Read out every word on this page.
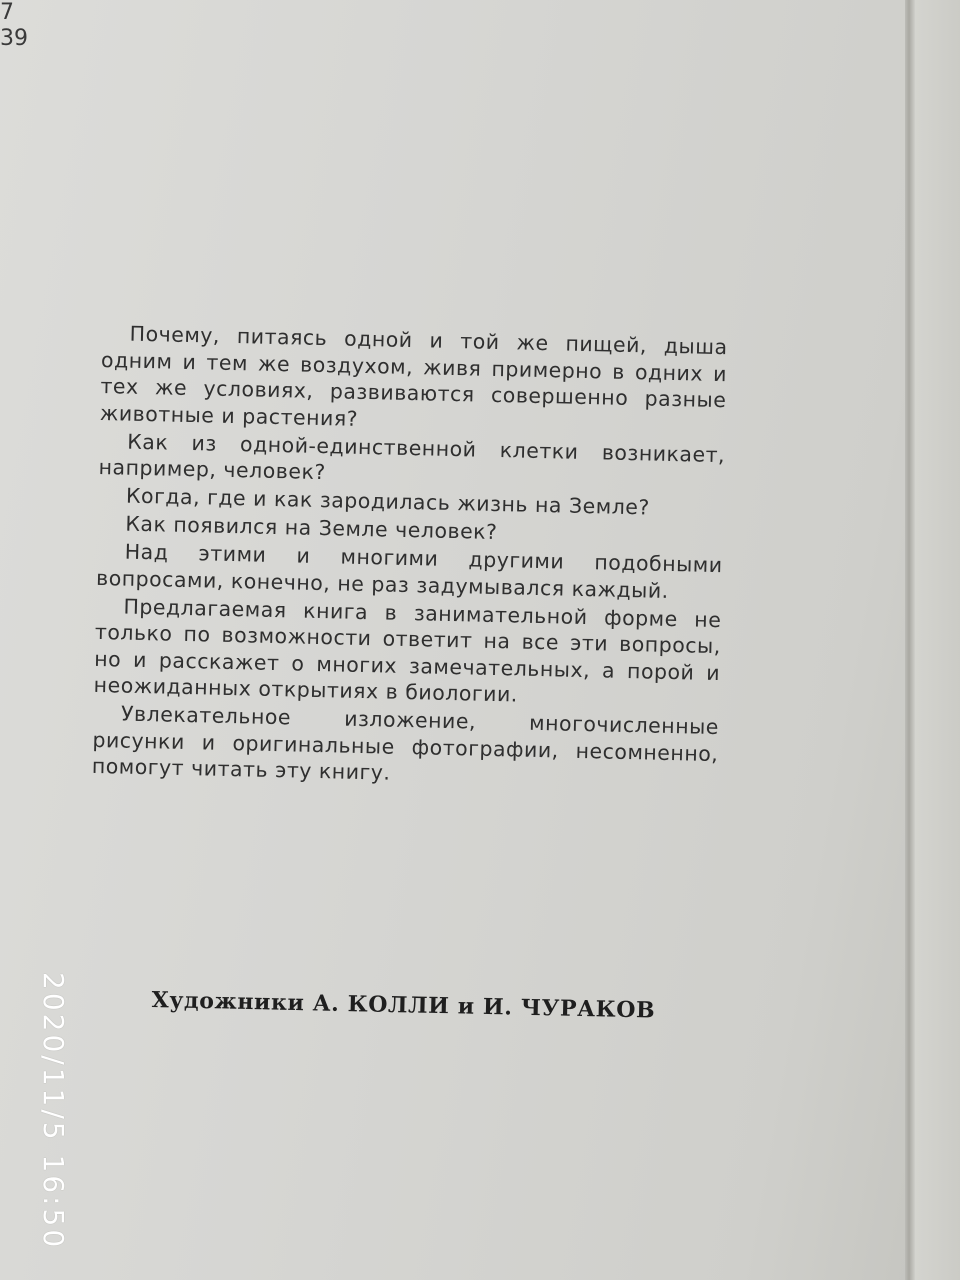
7
39

Почему, питаясь одной и той же пищей, дыша одним и тем же воздухом, живя примерно в одних и тех же условиях, развиваются совершенно разные животные и растения?

Как из одной-единственной клетки возникает, например, человек?

Когда, где и как зародилась жизнь на Земле?

Как появился на Земле человек?

Над этими и многими другими подобными вопросами, конечно, не раз задумывался каждый.

Предлагаемая книга в занимательной форме не только по возможности ответит на все эти вопросы, но и расскажет о многих замечательных, а порой и неожиданных открытиях в биологии.

Увлекательное изложение, многочисленные рисунки и оригинальные фотографии, несомненно, помогут читать эту книгу.

Художники А. КОЛЛИ и И. ЧУРАКОВ
2020/11/5 16:50
